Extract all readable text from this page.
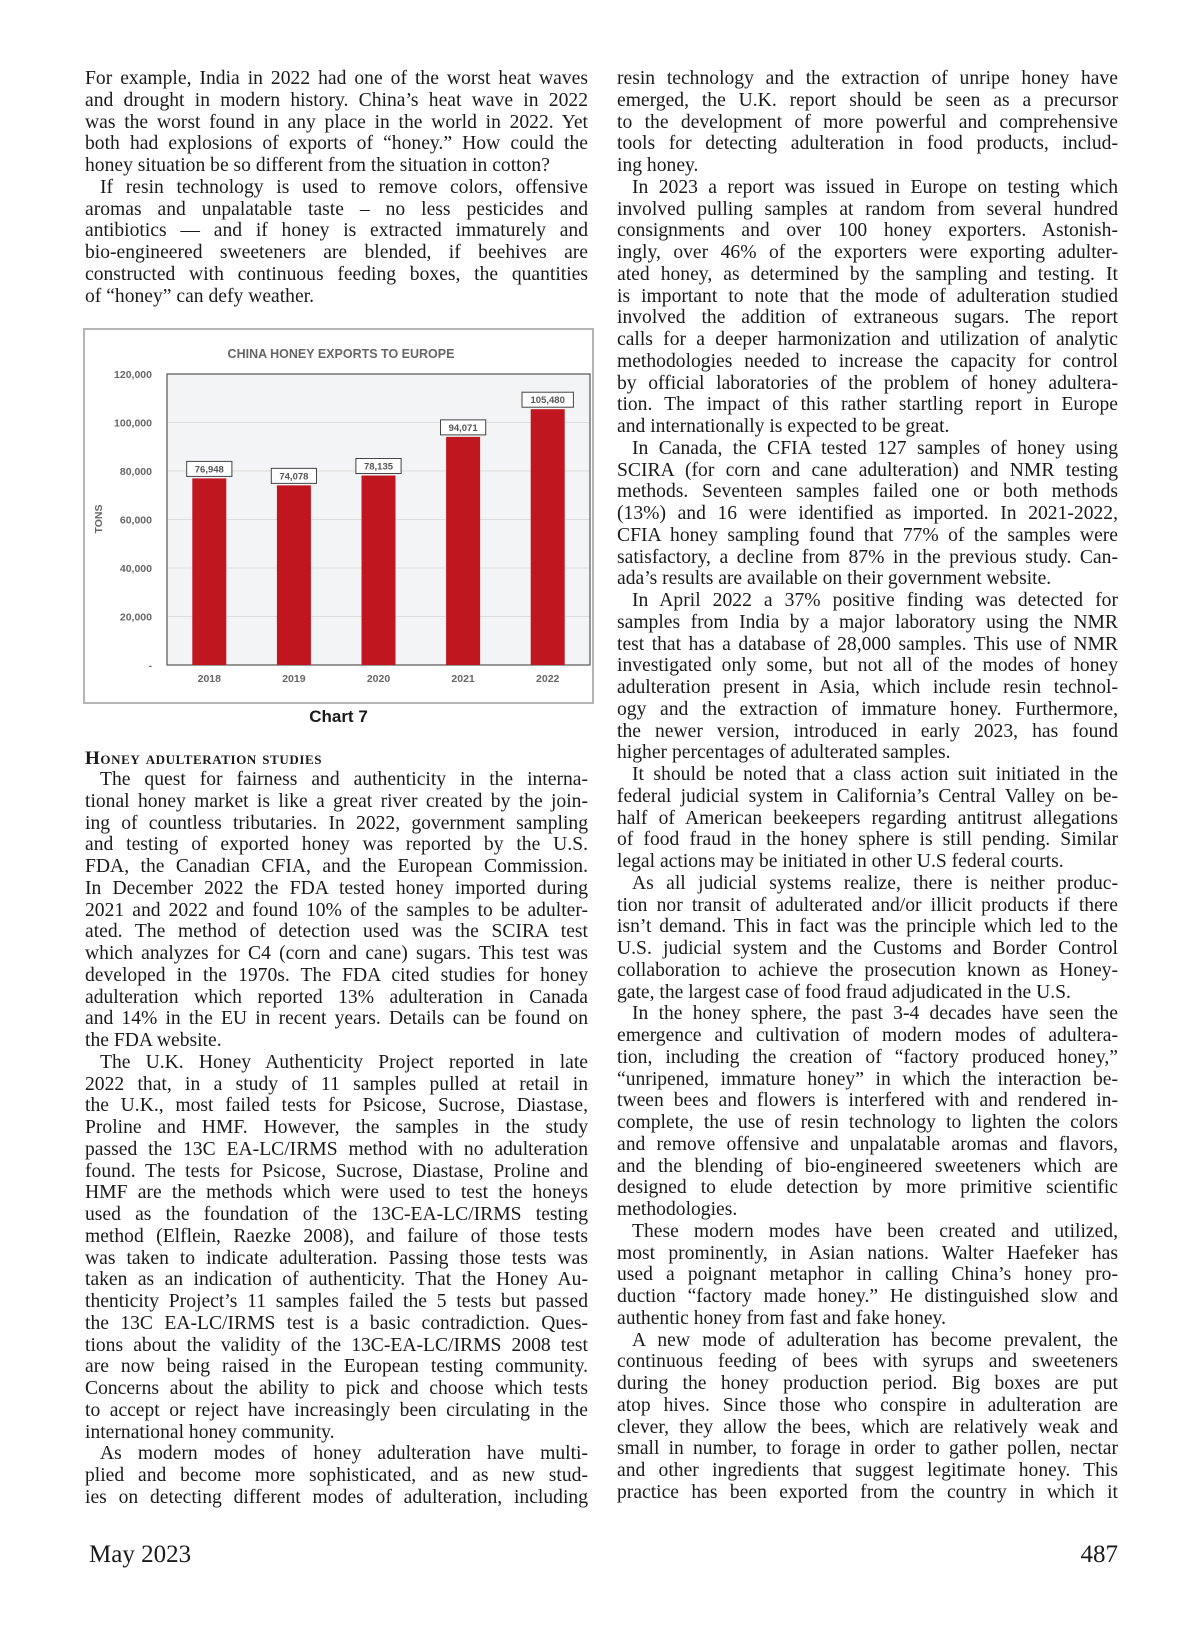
For example, India in 2022 had one of the worst heat waves
and drought in modern history. China’s heat wave in 2022
was the worst found in any place in the world in 2022. Yet
both had explosions of exports of “honey.” How could the
honey situation be so different from the situation in cotton?
If resin technology is used to remove colors, offensive
aromas and unpalatable taste – no less pesticides and
antibiotics — and if honey is extracted immaturely and
bio-engineered sweeteners are blended, if beehives are
constructed with continuous feeding boxes, the quantities
of “honey” can defy weather.
-
20,000
40,000
60,000
80,000
100,000
120,000
CHINA HONEY EXPORTS TO EUROPE
TONS
76,948
2018
74,078
2019
78,135
2020
94,071
2021
105,480
2022
Chart 7
Honey adulteration studies
The quest for fairness and authenticity in the interna-
tional honey market is like a great river created by the join-
ing of countless tributaries. In 2022, government sampling
and testing of exported honey was reported by the U.S.
FDA, the Canadian CFIA, and the European Commission.
In December 2022 the FDA tested honey imported during
2021 and 2022 and found 10% of the samples to be adulter-
ated. The method of detection used was the SCIRA test
which analyzes for C4 (corn and cane) sugars. This test was
developed in the 1970s. The FDA cited studies for honey
adulteration which reported 13% adulteration in Canada
and 14% in the EU in recent years. Details can be found on
the FDA website.
The U.K. Honey Authenticity Project reported in late
2022 that, in a study of 11 samples pulled at retail in
the U.K., most failed tests for Psicose, Sucrose, Diastase,
Proline and HMF. However, the samples in the study
passed the 13C EA-LC/IRMS method with no adulteration
found. The tests for Psicose, Sucrose, Diastase, Proline and
HMF are the methods which were used to test the honeys
used as the foundation of the 13C-EA-LC/IRMS testing
method (Elflein, Raezke 2008), and failure of those tests
was taken to indicate adulteration. Passing those tests was
taken as an indication of authenticity. That the Honey Au-
thenticity Project’s 11 samples failed the 5 tests but passed
the 13C EA-LC/IRMS test is a basic contradiction. Ques-
tions about the validity of the 13C-EA-LC/IRMS 2008 test
are now being raised in the European testing community.
Concerns about the ability to pick and choose which tests
to accept or reject have increasingly been circulating in the
international honey community.
As modern modes of honey adulteration have multi-
plied and become more sophisticated, and as new stud-
ies on detecting different modes of adulteration, including
resin technology and the extraction of unripe honey have
emerged, the U.K. report should be seen as a precursor
to the development of more powerful and comprehensive
tools for detecting adulteration in food products, includ-
ing honey.
In 2023 a report was issued in Europe on testing which
involved pulling samples at random from several hundred
consignments and over 100 honey exporters. Astonish-
ingly, over 46% of the exporters were exporting adulter-
ated honey, as determined by the sampling and testing. It
is important to note that the mode of adulteration studied
involved the addition of extraneous sugars. The report
calls for a deeper harmonization and utilization of analytic
methodologies needed to increase the capacity for control
by official laboratories of the problem of honey adultera-
tion. The impact of this rather startling report in Europe
and internationally is expected to be great.
In Canada, the CFIA tested 127 samples of honey using
SCIRA (for corn and cane adulteration) and NMR testing
methods. Seventeen samples failed one or both methods
(13%) and 16 were identified as imported. In 2021-2022,
CFIA honey sampling found that 77% of the samples were
satisfactory, a decline from 87% in the previous study. Can-
ada’s results are available on their government website.
In April 2022 a 37% positive finding was detected for
samples from India by a major laboratory using the NMR
test that has a database of 28,000 samples. This use of NMR
investigated only some, but not all of the modes of honey
adulteration present in Asia, which include resin technol-
ogy and the extraction of immature honey. Furthermore,
the newer version, introduced in early 2023, has found
higher percentages of adulterated samples.
It should be noted that a class action suit initiated in the
federal judicial system in California’s Central Valley on be-
half of American beekeepers regarding antitrust allegations
of food fraud in the honey sphere is still pending. Similar
legal actions may be initiated in other U.S federal courts.
As all judicial systems realize, there is neither produc-
tion nor transit of adulterated and/or illicit products if there
isn’t demand. This in fact was the principle which led to the
U.S. judicial system and the Customs and Border Control
collaboration to achieve the prosecution known as Honey-
gate, the largest case of food fraud adjudicated in the U.S.
In the honey sphere, the past 3-4 decades have seen the
emergence and cultivation of modern modes of adultera-
tion, including the creation of “factory produced honey,”
“unripened, immature honey” in which the interaction be-
tween bees and flowers is interfered with and rendered in-
complete, the use of resin technology to lighten the colors
and remove offensive and unpalatable aromas and flavors,
and the blending of bio-engineered sweeteners which are
designed to elude detection by more primitive scientific
methodologies.
These modern modes have been created and utilized,
most prominently, in Asian nations. Walter Haefeker has
used a poignant metaphor in calling China’s honey pro-
duction “factory made honey.” He distinguished slow and
authentic honey from fast and fake honey.
A new mode of adulteration has become prevalent, the
continuous feeding of bees with syrups and sweeteners
during the honey production period. Big boxes are put
atop hives. Since those who conspire in adulteration are
clever, they allow the bees, which are relatively weak and
small in number, to forage in order to gather pollen, nectar
and other ingredients that suggest legitimate honey. This
practice has been exported from the country in which it
May 2023	487
